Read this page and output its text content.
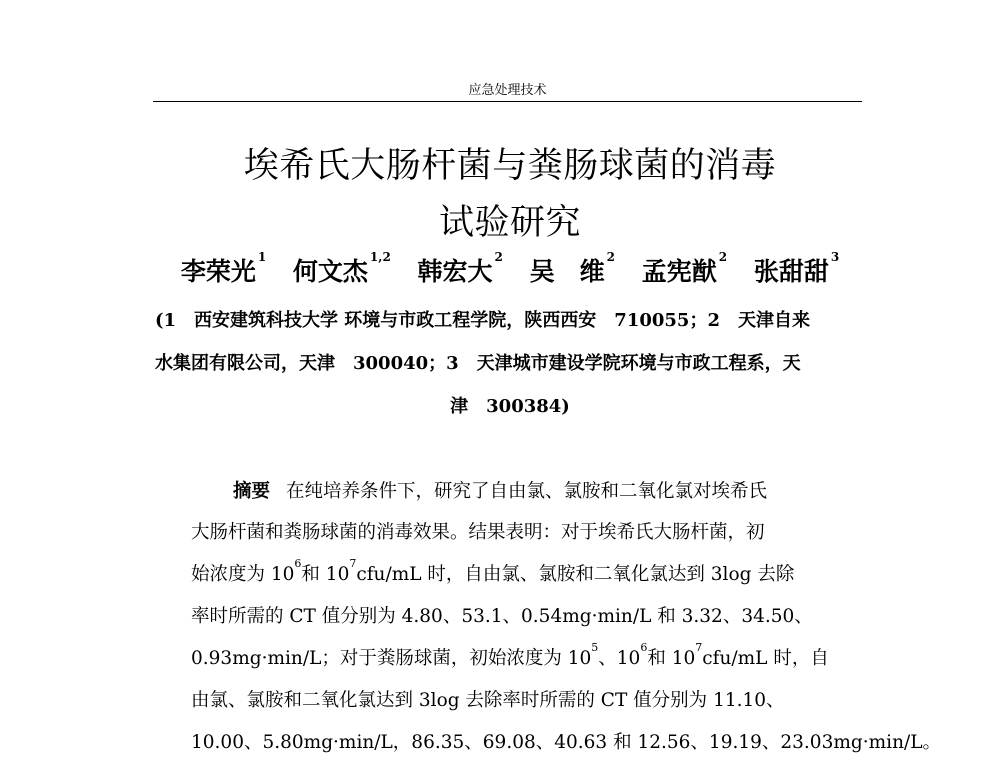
应急处理技术
埃希氏大肠杆菌与粪肠球菌的消毒
试验研究
李荣光 $^1$ 何文杰 $^{1,2}$ 韩宏大 $^2$ 吴　维 $^2$ 孟宪猷 $^2$ 张甜甜 $^3$
(1　西安建筑科技大学 环境与市政工程学院，陕西西安　710055；2　天津自来
水集团有限公司，天津　300040；3　天津城市建设学院环境与市政工程系，天
津　300384)
摘要 在纯培养条件下，研究了自由氯、氯胺和二氧化氯对埃希氏
大肠杆菌和粪肠球菌的消毒效果。结果表明：对于埃希氏大肠杆菌，初
始浓度为 $10^6$和 $10^7cfu/mL$ 时，自由氯、氯胺和二氧化氯达到 3log 去除
率时所需的 CT 值分别为 4.80、53.1、0.54mg·min/L 和 3.32、34.50、
0.93mg·min/L；对于粪肠球菌，初始浓度为 $10^5$、$10^6$和 $10^7cfu/mL$ 时，自
由氯、氯胺和二氧化氯达到 3log 去除率时所需的 CT 值分别为 11.10、
10.00、5.80mg·min/L，86.35、69.08、40.63 和 12.56、19.19、23.03mg·min/L。
